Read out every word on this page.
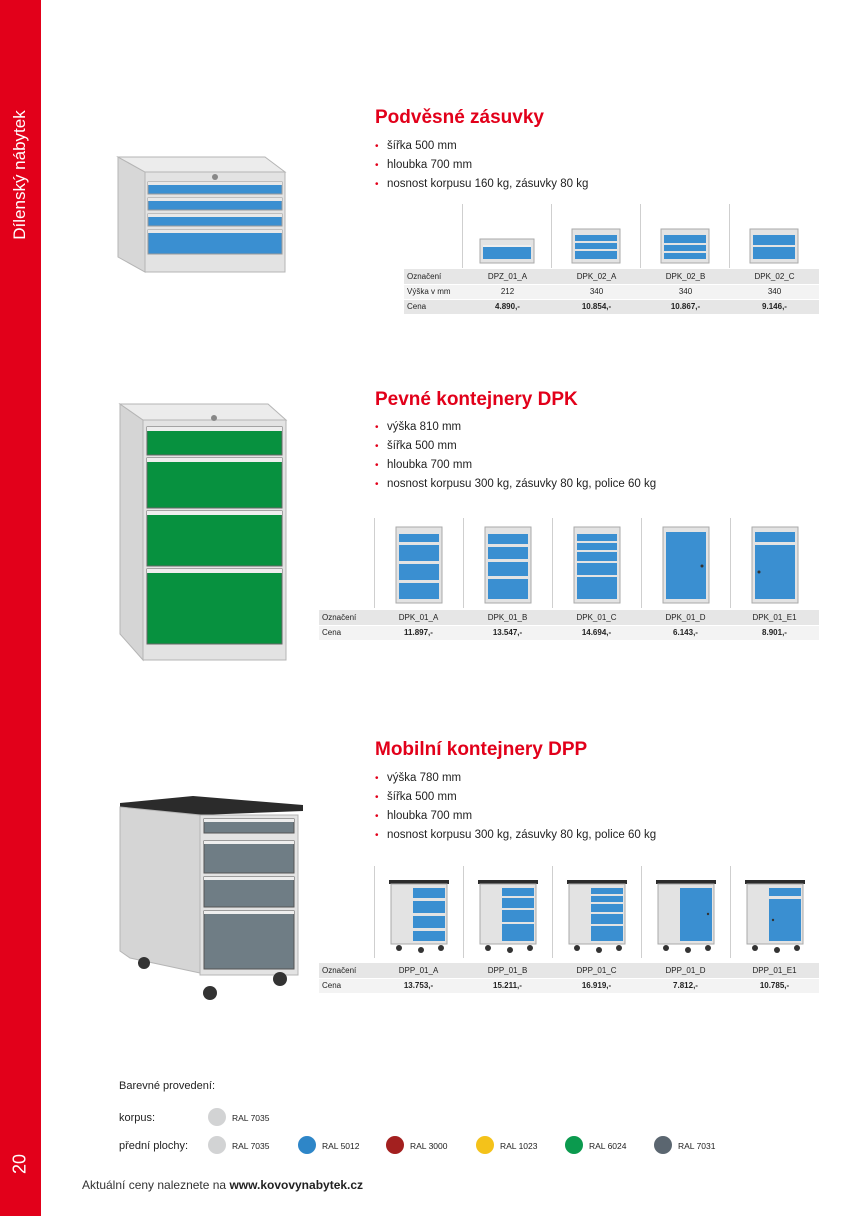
Dílenský nábytek
20
Podvěsné zásuvky
• šířka 500 mm
• hloubka 700 mm
• nosnost korpusu 160 kg, zásuvky 80 kg
Označení	DPZ_01_A	DPK_02_A	DPK_02_B	DPK_02_C
Výška v mm	212	340	340	340
Cena	4.890,-	10.854,-	10.867,-	9.146,-
Pevné kontejnery DPK
• výška 810 mm
• šířka 500 mm
• hloubka 700 mm
• nosnost korpusu 300 kg, zásuvky 80 kg, police 60 kg
Označení	DPK_01_A	DPK_01_B	DPK_01_C	DPK_01_D	DPK_01_E1
Cena	11.897,-	13.547,-	14.694,-	6.143,-	8.901,-
Mobilní kontejnery DPP
• výška 780 mm
• šířka 500 mm
• hloubka 700 mm
• nosnost korpusu 300 kg, zásuvky 80 kg, police 60 kg
Označení	DPP_01_A	DPP_01_B	DPP_01_C	DPP_01_D	DPP_01_E1
Cena	13.753,-	15.211,-	16.919,-	7.812,-	10.785,-
Barevné provedení:
korpus:	RAL 7035
přední plochy:	RAL 7035	RAL 5012	RAL 3000	RAL 1023	RAL 6024	RAL 7031
Aktuální ceny naleznete na www.kovovynabytek.cz
